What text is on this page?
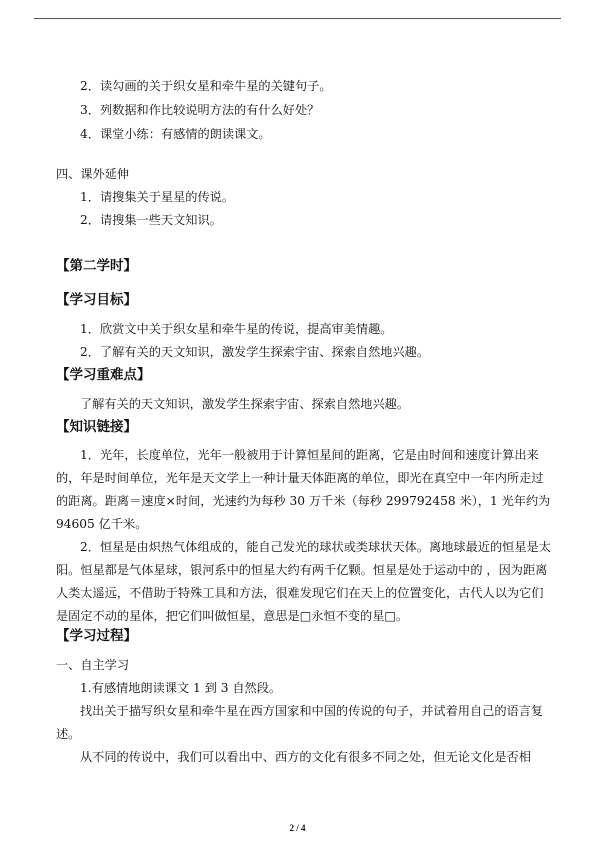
2．读勾画的关于织女星和牵牛星的关键句子。
3．列数据和作比较说明方法的有什么好处？
4．课堂小练：有感情的朗读课文。
四、课外延伸
1．请搜集关于星星的传说。
2．请搜集一些天文知识。
【第二学时】
【学习目标】
1．欣赏文中关于织女星和牵牛星的传说，提高审美情趣。
2．了解有关的天文知识，激发学生探索宇宙、探索自然地兴趣。
【学习重难点】
了解有关的天文知识，激发学生探索宇宙、探索自然地兴趣。
【知识链接】
1．光年，长度单位，光年一般被用于计算恒星间的距离，它是由时间和速度计算出来
的，年是时间单位，光年是天文学上一种计量天体距离的单位，即光在真空中一年内所走过
的距离。距离＝速度×时间，光速约为每秒 30 万千米（每秒 299792458 米），1 光年约为
94605 亿千米。
2．恒星是由炽热气体组成的，能自己发光的球状或类球状天体。离地球最近的恒星是太
阳。恒星都是气体星球，银河系中的恒星大约有两千亿颗。恒星是处于运动中的 ，因为距离
人类太遥远，不借助于特殊工具和方法，很难发现它们在天上的位置变化，古代人以为它们
是固定不动的星体，把它们叫做恒星，意思是□永恒不变的星□。
【学习过程】
一、自主学习
1.有感情地朗读课文 1 到 3 自然段。
找出关于描写织女星和牵牛星在西方国家和中国的传说的句子，并试着用自己的语言复
述。
从不同的传说中，我们可以看出中、西方的文化有很多不同之处，但无论文化是否相
2 / 4
